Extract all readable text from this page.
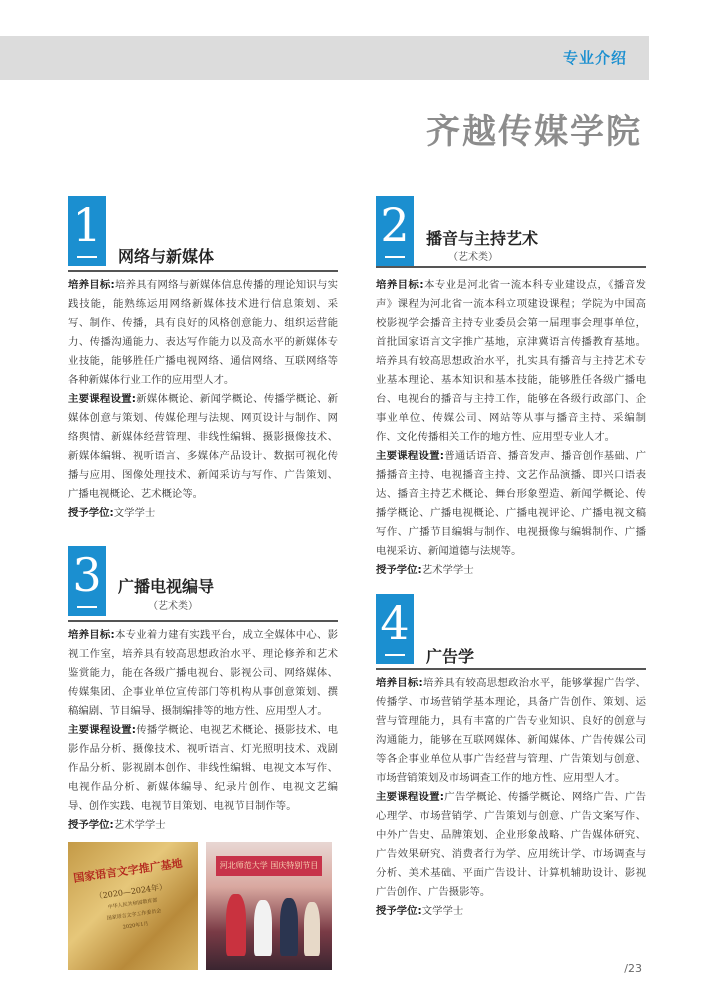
专业介绍
齐越传媒学院
1
网络与新媒体

培养目标:培养具有网络与新媒体信息传播的理论知识与实践技能，能熟练运用网络新媒体技术进行信息策划、采写、制作、传播，具有良好的风格创意能力、组织运营能力、传播沟通能力、表达写作能力以及高水平的新媒体专业技能，能够胜任广播电视网络、通信网络、互联网络等各种新媒体行业工作的应用型人才。

主要课程设置:新媒体概论、新闻学概论、传播学概论、新媒体创意与策划、传媒伦理与法规、网页设计与制作、网络舆情、新媒体经营管理、非线性编辑、摄影摄像技术、新媒体编辑、视听语言、多媒体产品设计、数据可视化传播与应用、图像处理技术、新闻采访与写作、广告策划、广播电视概论、艺术概论等。

授予学位:文学学士

2 播音与主持艺术
（艺术类）

培养目标:本专业是河北省一流本科专业建设点，《播音发声》课程为河北省一流本科立项建设课程；学院为中国高校影视学会播音主持专业委员会第一届理事会理事单位，首批国家语言文字推广基地，京津冀语言传播教育基地。培养具有较高思想政治水平，扎实具有播音与主持艺术专业基本理论、基本知识和基本技能，能够胜任各级广播电台、电视台的播音与主持工作，能够在各级行政部门、企事业单位、传媒公司、网站等从事与播音主持、采编制作、文化传播相关工作的地方性、应用型专业人才。

主要课程设置:普通话语音、播音发声、播音创作基础、广播播音主持、电视播音主持、文艺作品演播、即兴口语表达、播音主持艺术概论、舞台形象塑造、新闻学概论、传播学概论、广播电视概论、广播电视评论、广播电视文稿写作、广播节目编辑与制作、电视摄像与编辑制作、广播电视采访、新闻道德与法规等。

授予学位:艺术学学士

3 广播电视编导
（艺术类）

培养目标:本专业着力建有实践平台，成立全媒体中心、影视工作室，培养具有较高思想政治水平、理论修养和艺术鉴赏能力，能在各级广播电视台、影视公司、网络媒体、传媒集团、企事业单位宣传部门等机构从事创意策划、撰稿编剧、节目编导、摄制编排等的地方性、应用型人才。

主要课程设置:传播学概论、电视艺术概论、摄影技术、电影作品分析、摄像技术、视听语言、灯光照明技术、戏剧作品分析、影视剧本创作、非线性编辑、电视文本写作、电视作品分析、新媒体编导、纪录片创作、电视文艺编导、创作实践、电视节目策划、电视节目制作等。

授予学位:艺术学学士

4
广告学

培养目标:培养具有较高思想政治水平，能够掌握广告学、传播学、市场营销学基本理论，具备广告创作、策划、运营与管理能力，具有丰富的广告专业知识、良好的创意与沟通能力，能够在互联网媒体、新闻媒体、广告传媒公司等各企事业单位从事广告经营与管理、广告策划与创意、市场营销策划及市场调查工作的地方性、应用型人才。

主要课程设置:广告学概论、传播学概论、网络广告、广告心理学、市场营销学、广告策划与创意、广告文案写作、中外广告史、品牌策划、企业形象战略、广告媒体研究、广告效果研究、消费者行为学、应用统计学、市场调查与分析、美术基础、平面广告设计、计算机辅助设计、影视广告创作、广告摄影等。

授予学位:文学学士

国家语言文字推广基地
（2020—2024年）
中华人民共和国教育部
国家语言文字工作委员会
2020年1月
河北师范大学 国庆特别节目
/23
